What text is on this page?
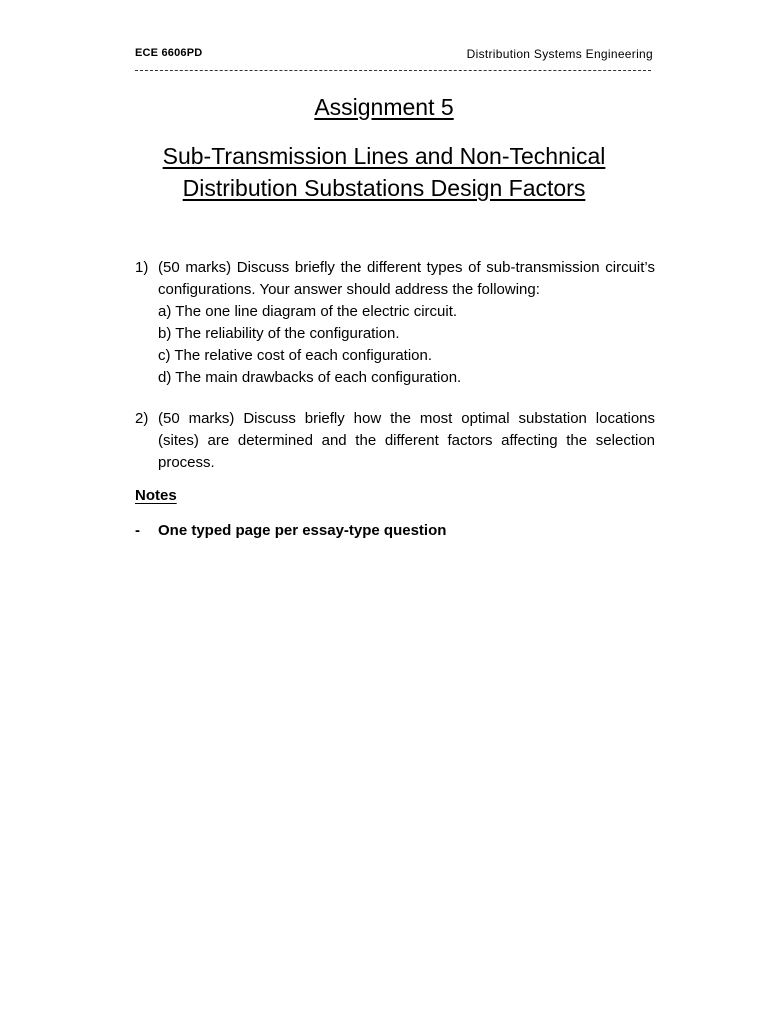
ECE 6606PD	Distribution Systems Engineering
Assignment 5
Sub-Transmission Lines and Non-Technical
Distribution Substations Design Factors
1) (50 marks) Discuss briefly the different types of sub-transmission circuit’s configurations. Your answer should address the following:
a) The one line diagram of the electric circuit.
b) The reliability of the configuration.
c) The relative cost of each configuration.
d) The main drawbacks of each configuration.
2) (50 marks) Discuss briefly how the most optimal substation locations (sites) are determined and the different factors affecting the selection process.
Notes
- One typed page per essay-type question
